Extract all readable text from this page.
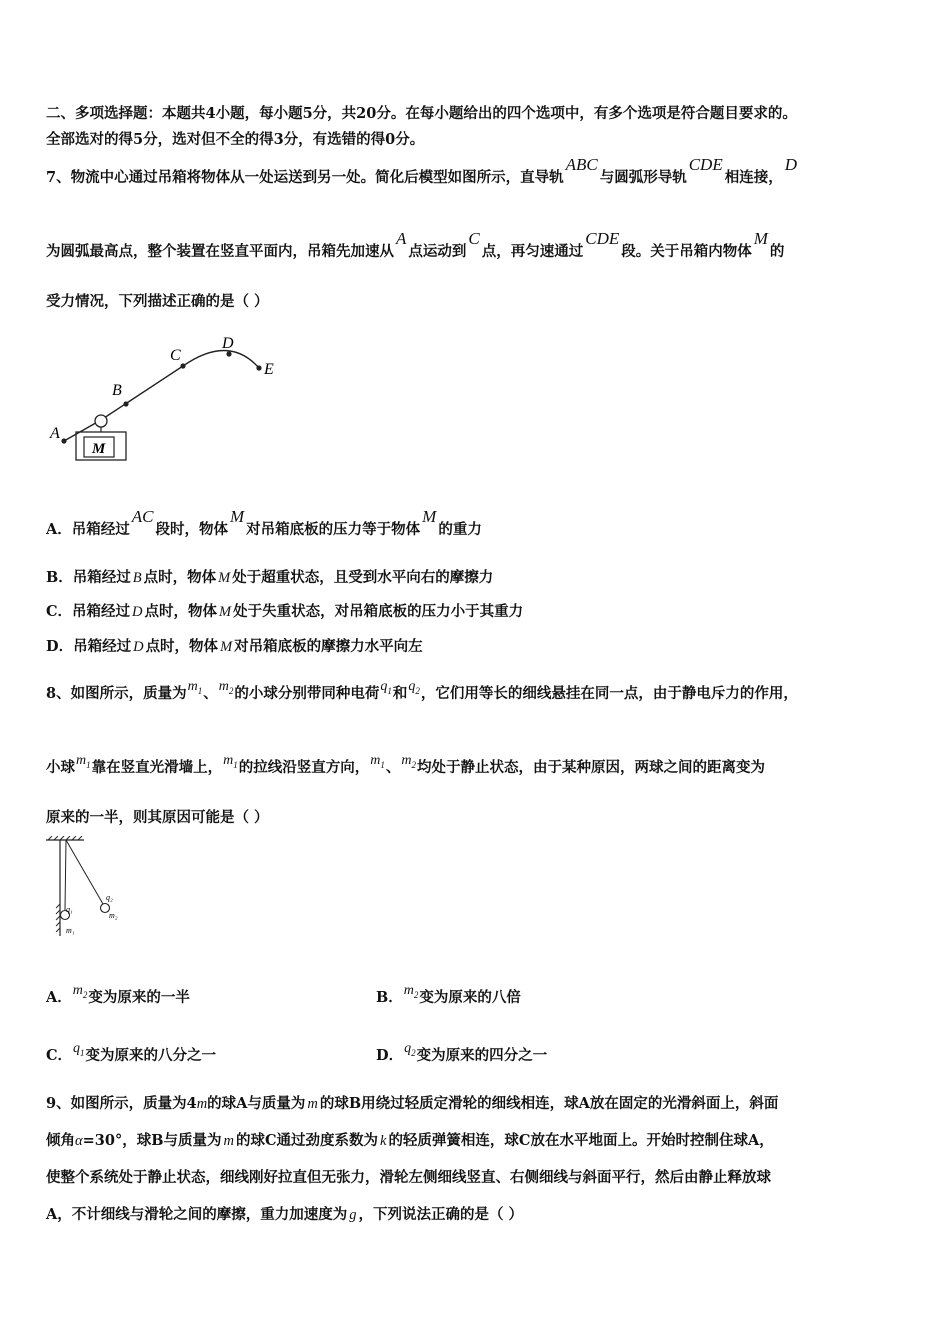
二、多项选择题：本题共4小题，每小题5分，共20分。在每小题给出的四个选项中，有多个选项是符合题目要求的。
全部选对的得5分，选对但不全的得3分，有选错的得0分。
7、物流中心通过吊箱将物体从一处运送到另一处。简化后模型如图所示，直导轨ABC与圆弧形导轨CDE相连接，D
为圆弧最高点，整个装置在竖直平面内，吊箱先加速从A点运动到C点，再匀速通过CDE段。关于吊箱内物体M的
受力情况，下列描述正确的是（ ）
M
A
B
C
D
E
A．吊箱经过AC段时，物体M对吊箱底板的压力等于物体M的重力
B．吊箱经过 B 点时，物体 M 处于超重状态，且受到水平向右的摩擦力
C．吊箱经过 D 点时，物体 M 处于失重状态，对吊箱底板的压力小于其重力
D．吊箱经过 D 点时，物体 M 对吊箱底板的摩擦力水平向左
8、如图所示，质量为$m_1$、$m_2$的小球分别带同种电荷$q_1$和$q_2$，它们用等长的细线悬挂在同一点，由于静电斥力的作用，
小球$m_1$靠在竖直光滑墙上，$m_1$的拉线沿竖直方向，$m_1$、$m_2$均处于静止状态，由于某种原因，两球之间的距离变为
原来的一半，则其原因可能是（ ）
q₁
m₁
q₂
m₂
A．$m_2$变为原来的一半	B．$m_2$变为原来的八倍
C．$q_1$变为原来的八分之一	D．$q_2$变为原来的四分之一
9、如图所示，质量为4m的球A与质量为 m 的球B用绕过轻质定滑轮的细线相连，球A放在固定的光滑斜面上，斜面
倾角α=30°，球B与质量为 m 的球C通过劲度系数为 k 的轻质弹簧相连，球C放在水平地面上。开始时控制住球A，
使整个系统处于静止状态，细线刚好拉直但无张力，滑轮左侧细线竖直、右侧细线与斜面平行，然后由静止释放球
A，不计细线与滑轮之间的摩擦，重力加速度为 g ，下列说法正确的是（ ）
